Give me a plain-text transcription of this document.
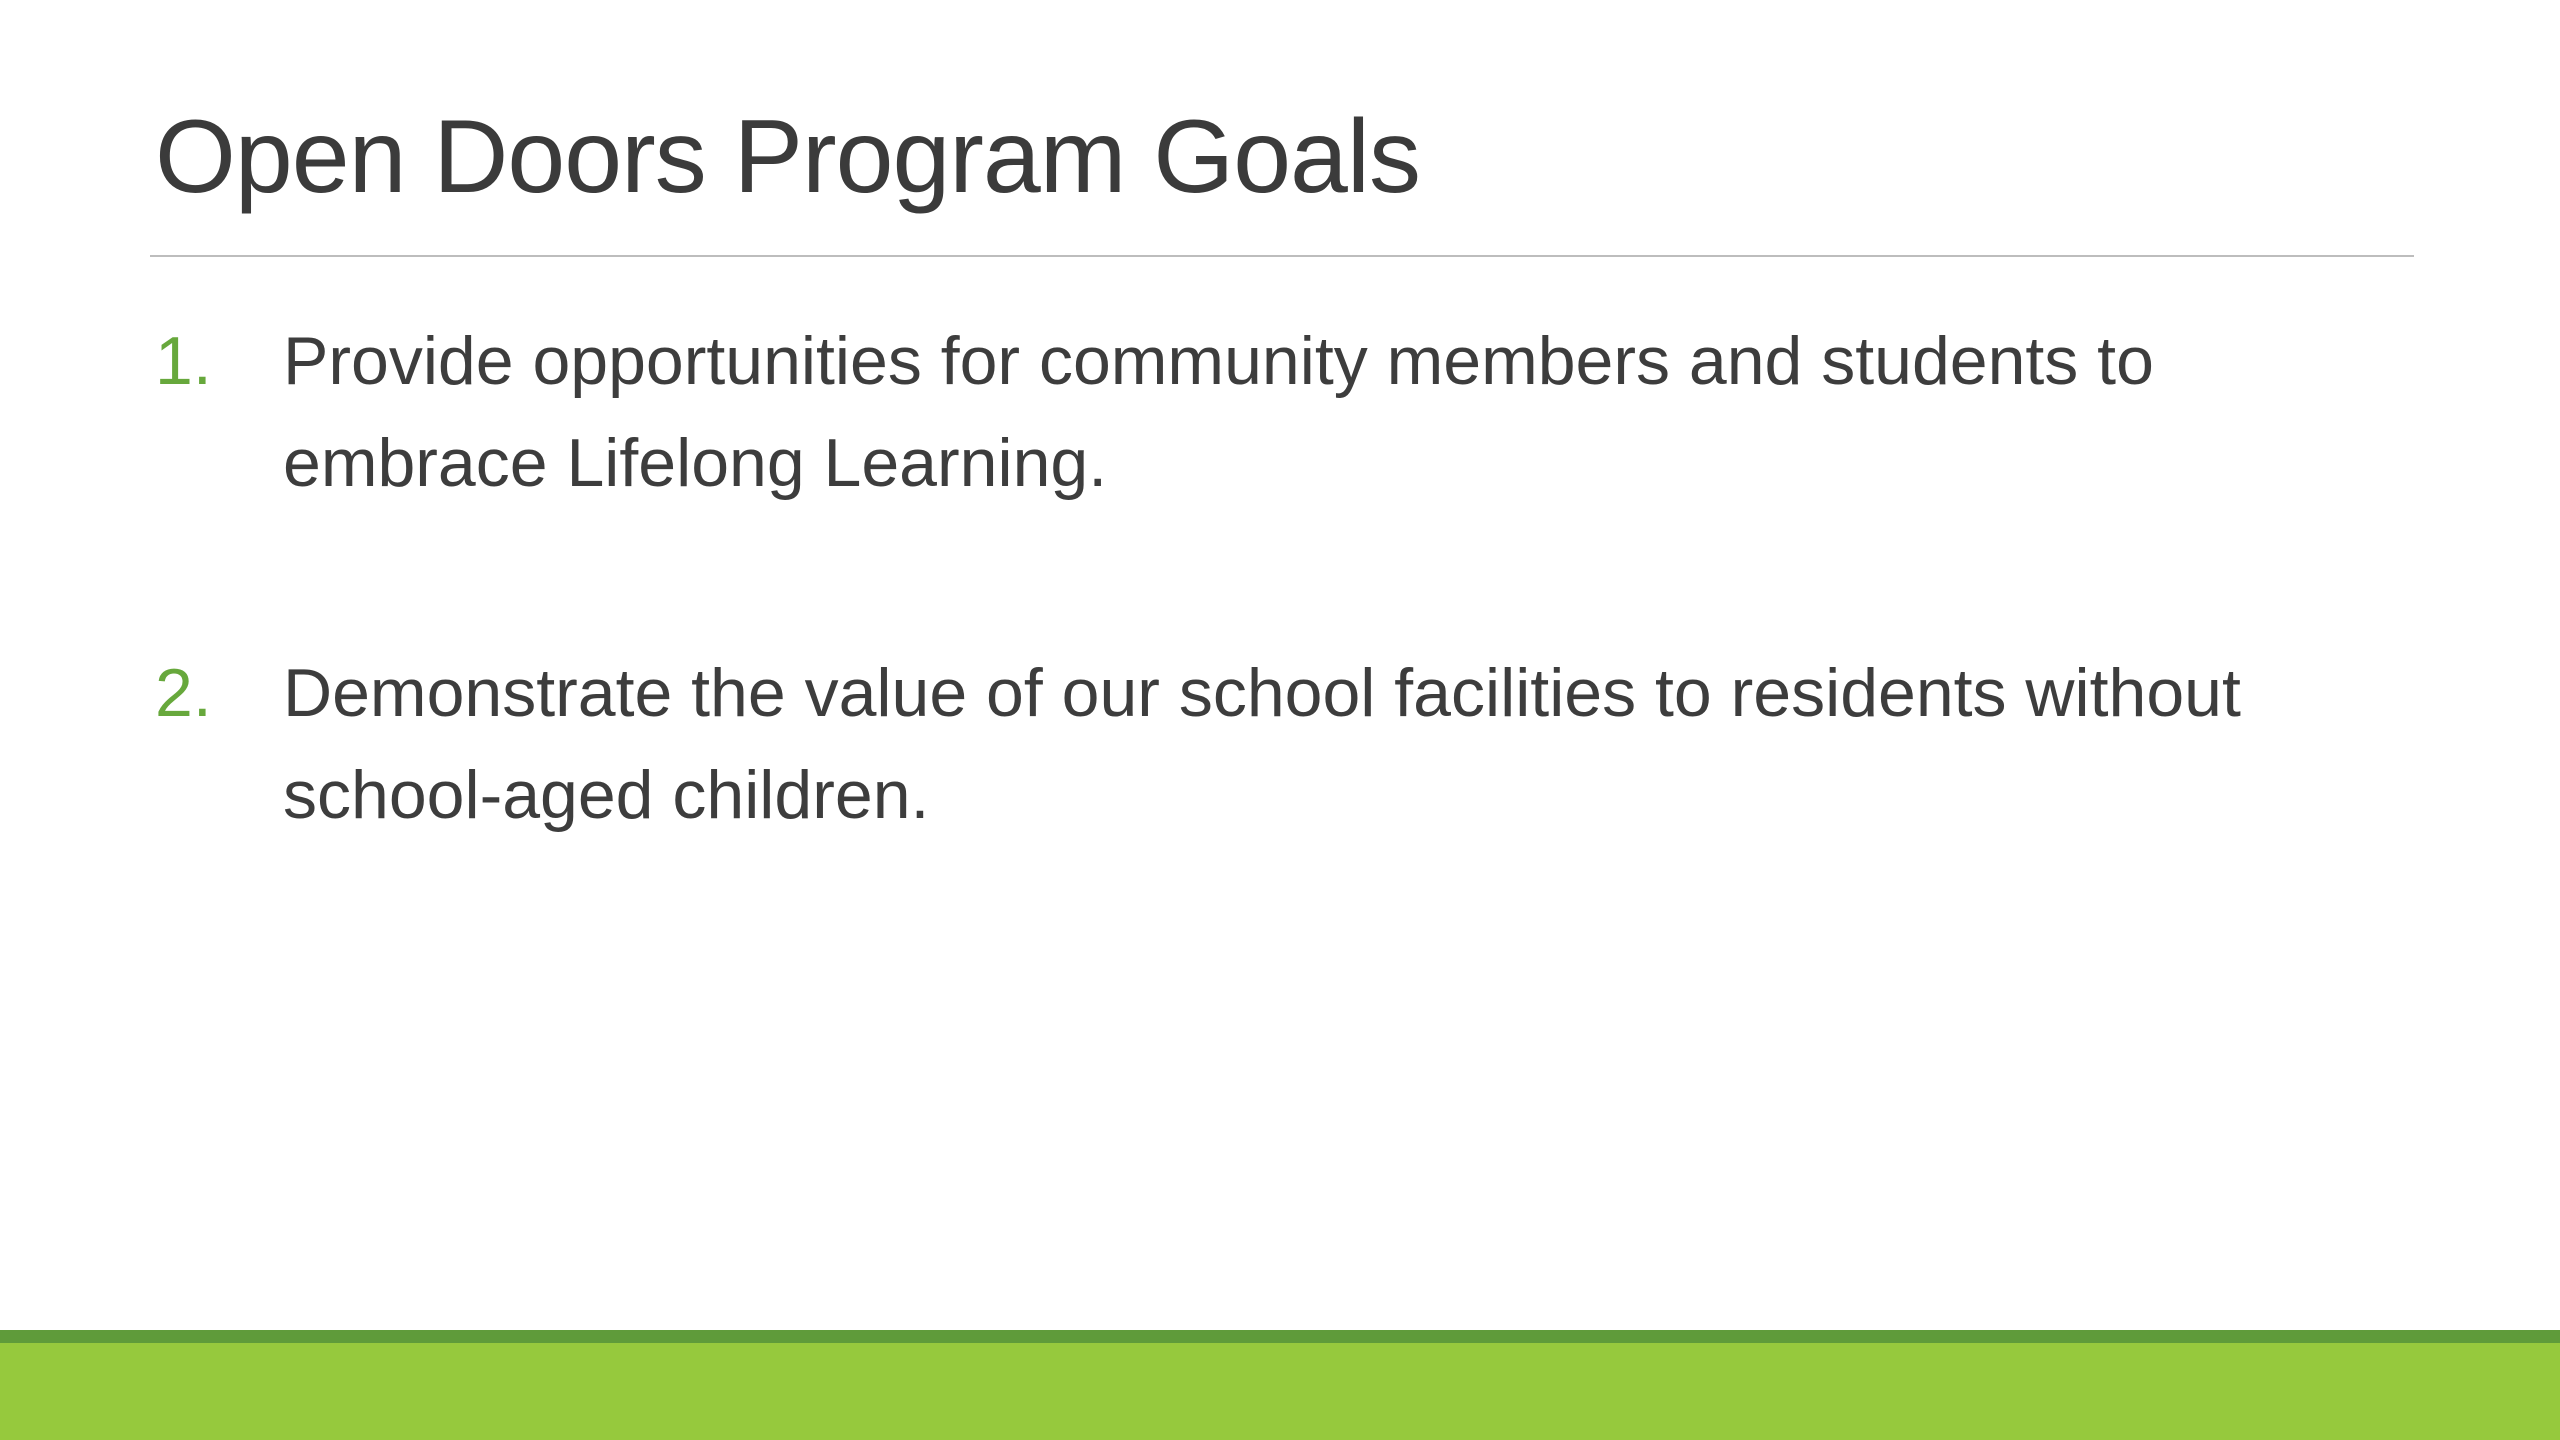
Open Doors Program Goals
1. Provide opportunities for community members and students to embrace Lifelong Learning.
2. Demonstrate the value of our school facilities to residents without school-aged children.
